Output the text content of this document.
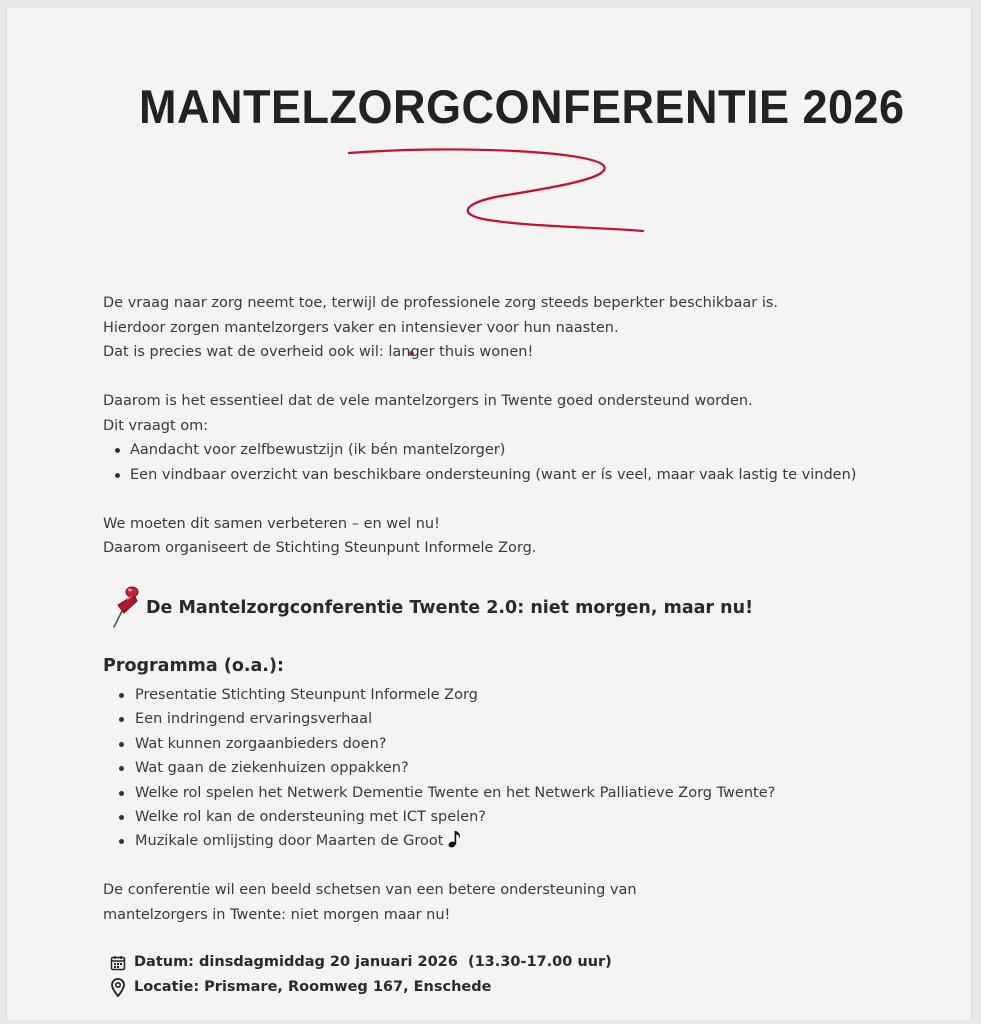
MANTELZORGCONFERENTIE 2026

De vraag naar zorg neemt toe, terwijl de professionele zorg steeds beperkter beschikbaar is.

Hierdoor zorgen mantelzorgers vaker en intensiever voor hun naasten.

Dat is precies wat de overheid ook wil: langer thuis wonen!

Daarom is het essentieel dat de vele mantelzorgers in Twente goed ondersteund worden.

Dit vraagt om:

Aandacht voor zelfbewustzijn (ik bén mantelzorger)
Een vindbaar overzicht van beschikbare ondersteuning (want er ís veel, maar vaak lastig te vinden)

We moeten dit samen verbeteren – en wel nu!

Daarom organiseert de Stichting Steunpunt Informele Zorg.

De Mantelzorgconferentie Twente 2.0: niet morgen, maar nu!
Programma (o.a.):
Presentatie Stichting Steunpunt Informele Zorg
Een indringend ervaringsverhaal
Wat kunnen zorgaanbieders doen?
Wat gaan de ziekenhuizen oppakken?
Welke rol spelen het Netwerk Dementie Twente en het Netwerk Palliatieve Zorg Twente?
Welke rol kan de ondersteuning met ICT spelen?
Muzikale omlijsting door Maarten de Groot

De conferentie wil een beeld schetsen van een betere ondersteuning van

mantelzorgers in Twente: niet morgen maar nu!

Datum: dinsdagmiddag 20 januari 2026  (13.30-17.00 uur)
Locatie: Prismare, Roomweg 167, Enschede
